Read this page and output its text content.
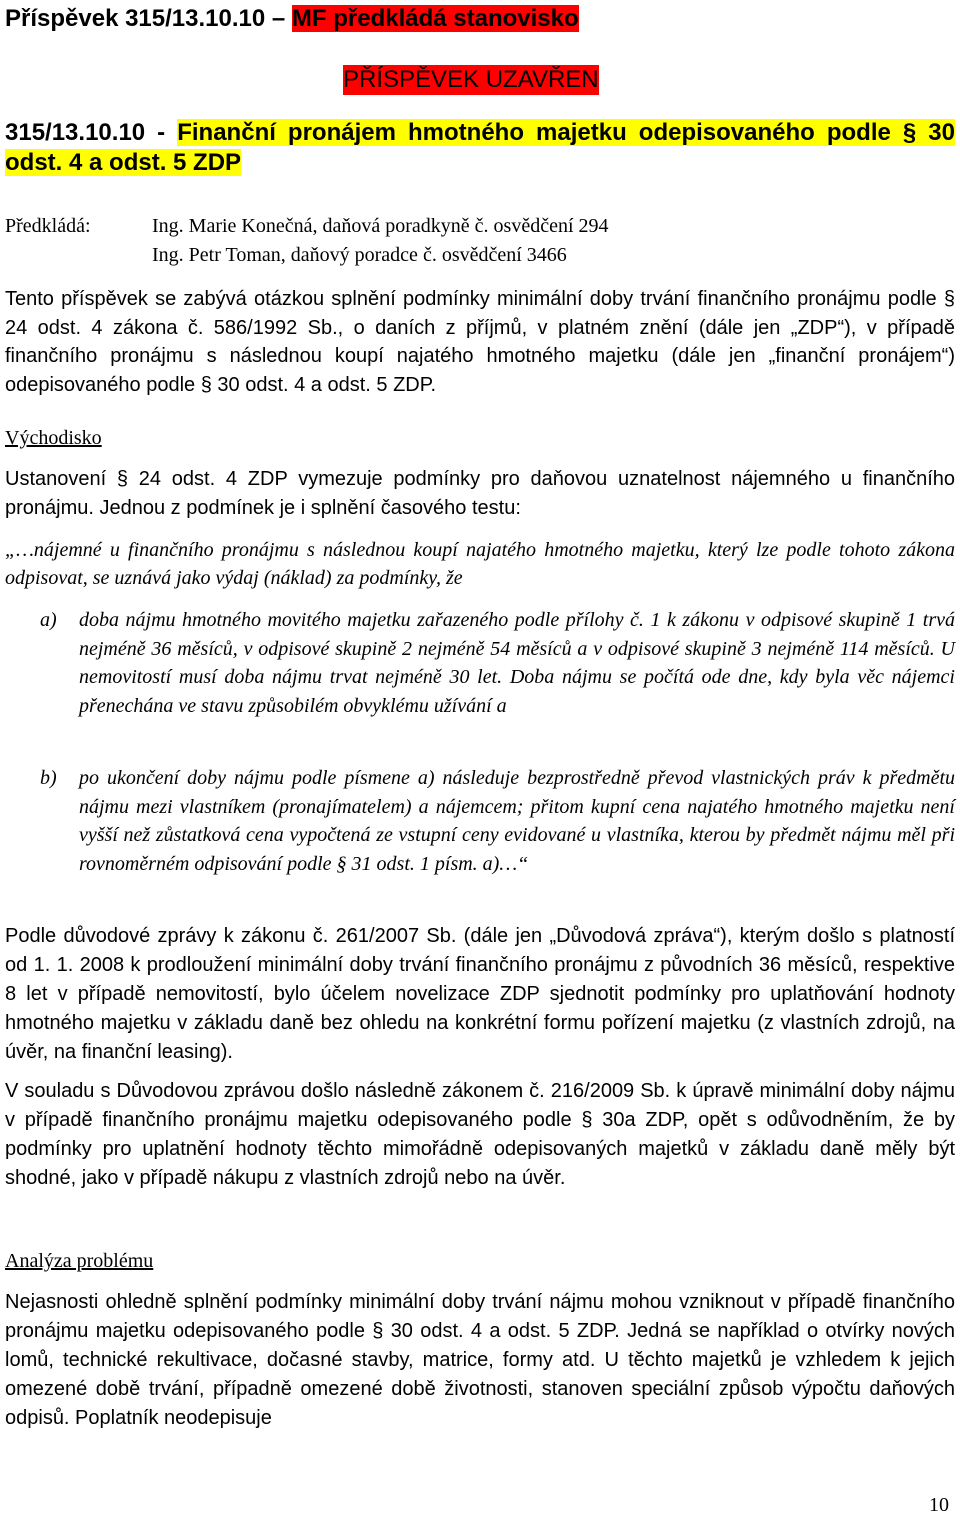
Příspěvek 315/13.10.10 – MF předkládá stanovisko
PŘÍSPĚVEK UZAVŘEN
315/13.10.10 - Finanční pronájem hmotného majetku odepisovaného podle § 30 odst. 4 a odst. 5 ZDP
Předkládá:	Ing. Marie Konečná, daňová poradkyně č. osvědčení 294
Ing. Petr Toman, daňový poradce č. osvědčení 3466
Tento příspěvek se zabývá otázkou splnění podmínky minimální doby trvání finančního pronájmu podle § 24 odst. 4 zákona č. 586/1992 Sb., o daních z příjmů, v platném znění (dále jen „ZDP“), v případě finančního pronájmu s následnou koupí najatého hmotného majetku (dále jen „finanční pronájem“) odepisovaného podle § 30 odst. 4 a odst. 5 ZDP.
Východisko
Ustanovení § 24 odst. 4 ZDP vymezuje podmínky pro daňovou uznatelnost nájemného u finančního pronájmu. Jednou z podmínek je i splnění časového testu:
„…nájemné u finančního pronájmu s následnou koupí najatého hmotného majetku, který lze podle tohoto zákona odpisovat, se uznává jako výdaj (náklad) za podmínky, že
a) doba nájmu hmotného movitého majetku zařazeného podle přílohy č. 1 k zákonu v odpisové skupině 1 trvá nejméně 36 měsíců, v odpisové skupině 2 nejméně 54 měsíců a v odpisové skupině 3 nejméně 114 měsíců. U nemovitostí musí doba nájmu trvat nejméně 30 let. Doba nájmu se počítá ode dne, kdy byla věc nájemci přenechána ve stavu způsobilém obvyklému užívání a
b) po ukončení doby nájmu podle písmene a) následuje bezprostředně převod vlastnických práv k předmětu nájmu mezi vlastníkem (pronajímatelem) a nájemcem; přitom kupní cena najatého hmotného majetku není vyšší než zůstatková cena vypočtená ze vstupní ceny evidované u vlastníka, kterou by předmět nájmu měl při rovnoměrném odpisování podle § 31 odst. 1 písm. a)…“
Podle důvodové zprávy k zákonu č. 261/2007 Sb. (dále jen „Důvodová zpráva“), kterým došlo s platností od 1. 1. 2008 k prodloužení minimální doby trvání finančního pronájmu z původních 36 měsíců, respektive 8 let v případě nemovitostí, bylo účelem novelizace ZDP sjednotit podmínky pro uplatňování hodnoty hmotného majetku v základu daně bez ohledu na konkrétní formu pořízení majetku (z vlastních zdrojů, na úvěr, na finanční leasing).
V souladu s Důvodovou zprávou došlo následně zákonem č. 216/2009 Sb. k úpravě minimální doby nájmu v případě finančního pronájmu majetku odepisovaného podle § 30a ZDP, opět s odůvodněním, že by podmínky pro uplatnění hodnoty těchto mimořádně odepisovaných majetků v základu daně měly být shodné, jako v případě nákupu z vlastních zdrojů nebo na úvěr.
Analýza problému
Nejasnosti ohledně splnění podmínky minimální doby trvání nájmu mohou vzniknout v případě finančního pronájmu majetku odepisovaného podle § 30 odst. 4 a odst. 5 ZDP. Jedná se například o otvírky nových lomů, technické rekultivace, dočasné stavby, matrice, formy atd. U těchto majetků je vzhledem k jejich omezené době trvání, případně omezené době životnosti, stanoven speciální způsob výpočtu daňových odpisů. Poplatník neodepisuje
10
